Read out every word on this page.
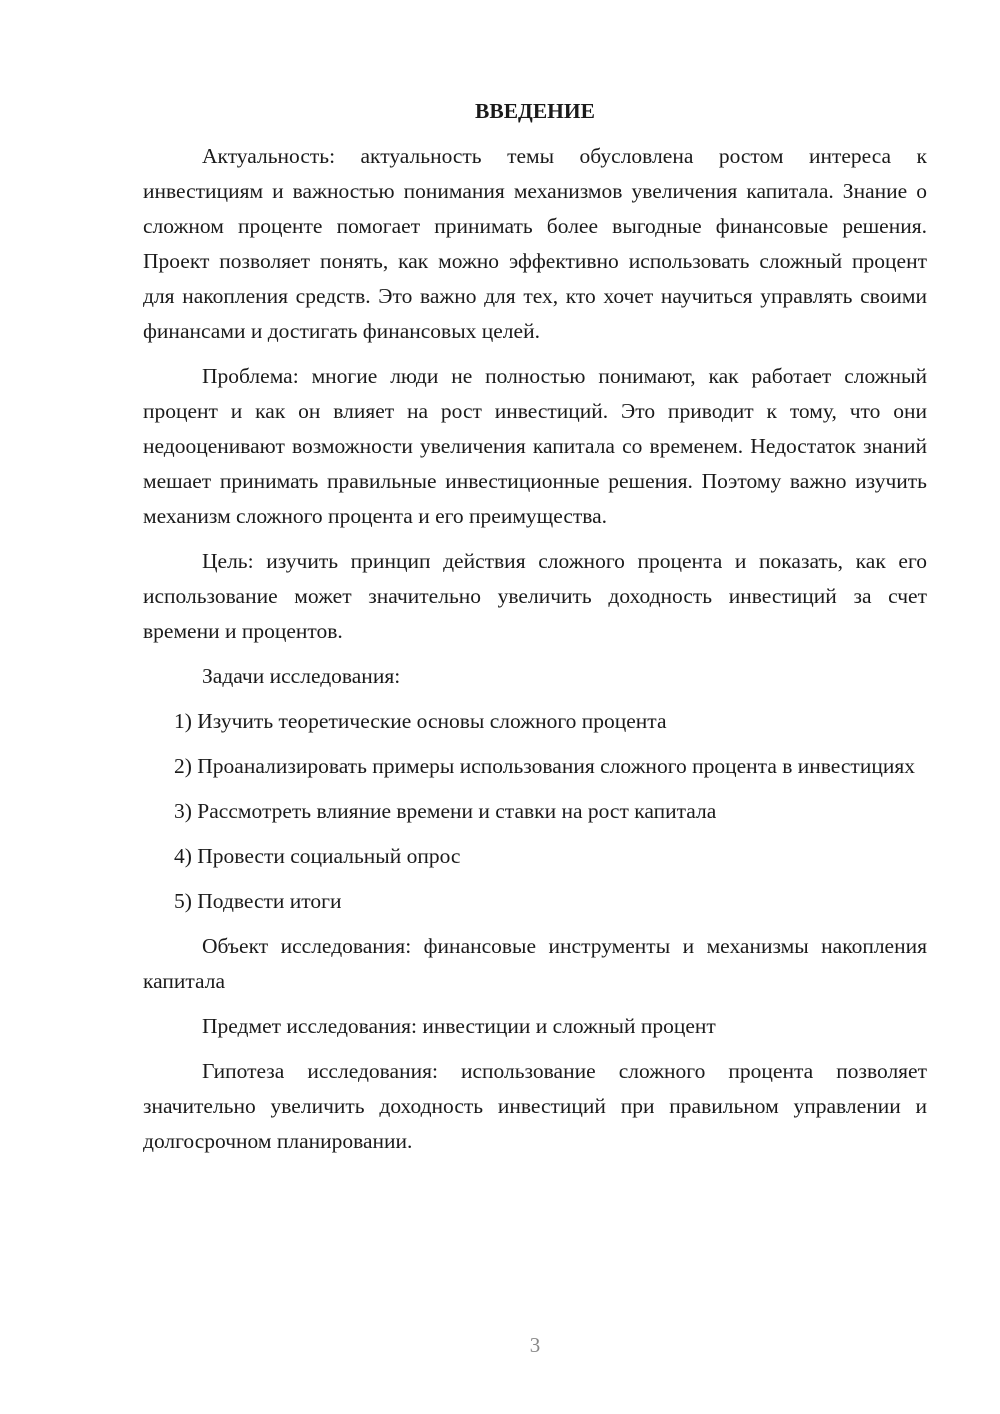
ВВЕДЕНИЕ

Актуальность: актуальность темы обусловлена ростом интереса к инвестициям и важностью понимания механизмов увеличения капитала. Знание о сложном проценте помогает принимать более выгодные финансовые решения. Проект позволяет понять, как можно эффективно использовать сложный процент для накопления средств. Это важно для тех, кто хочет научиться управлять своими финансами и достигать финансовых целей.

Проблема: многие люди не полностью понимают, как работает сложный процент и как он влияет на рост инвестиций. Это приводит к тому, что они недооценивают возможности увеличения капитала со временем. Недостаток знаний мешает принимать правильные инвестиционные решения. Поэтому важно изучить механизм сложного процента и его преимущества.

Цель: изучить принцип действия сложного процента и показать, как его использование может значительно увеличить доходность инвестиций за счет времени и процентов.

Задачи исследования:

1) Изучить теоретические основы сложного процента

2) Проанализировать примеры использования сложного процента в инвестициях

3) Рассмотреть влияние времени и ставки на рост капитала

4) Провести социальный опрос

5) Подвести итоги

Объект исследования: финансовые инструменты и механизмы накопления капитала

Предмет исследования: инвестиции и сложный процент

Гипотеза исследования: использование сложного процента позволяет значительно увеличить доходность инвестиций при правильном управлении и долгосрочном планировании.

3
